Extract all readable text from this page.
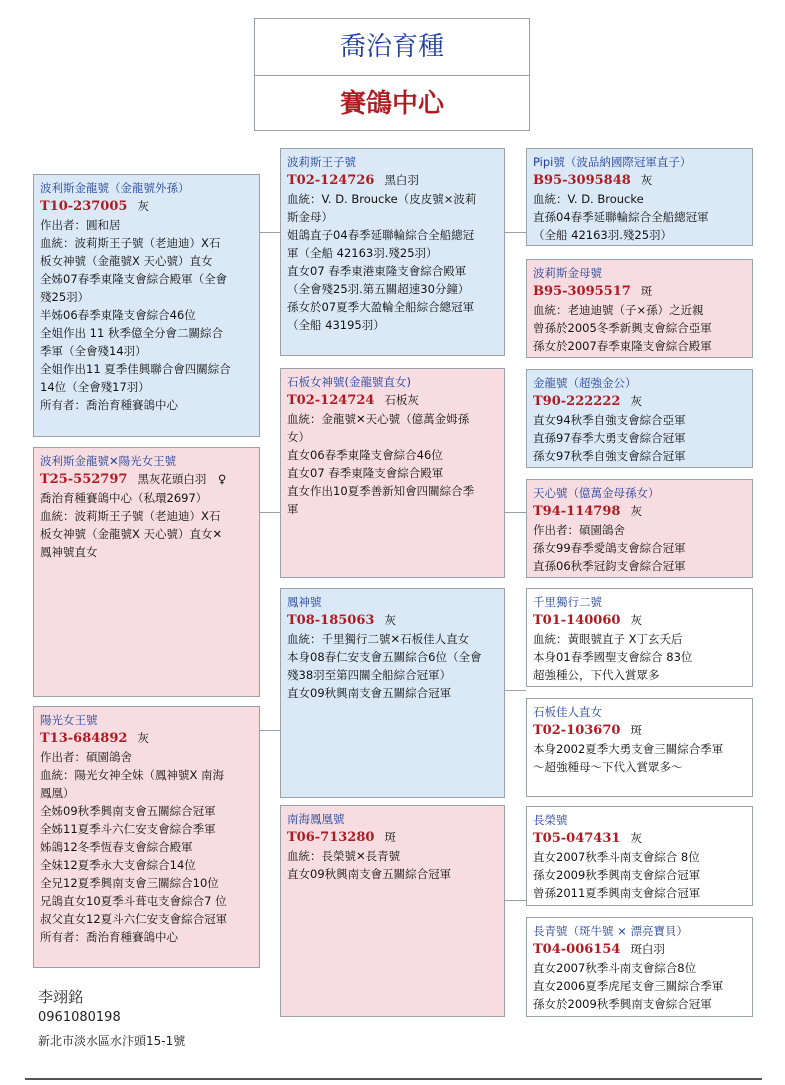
喬治育種
賽鴿中心
波利斯金龍號（金龍號外孫）
T10-237005 灰
作出者：圓和居
血統：波莉斯王子號（老迪迪）X石
板女神號（金龍號X 天心號）直女
全姊07春季東隆支會綜合殿軍（全會
殘25羽）
半姊06春季東隆支會綜合46位
全姐作出 11 秋季億全分會二關綜合
季軍（全會殘14羽）
全姐作出11 夏季佳興聯合會四關綜合
14位（全會殘17羽）
所有者：喬治育種賽鴿中心
波利斯金龍號✕陽光女王號
T25-552797 黑灰花頭白羽　♀
喬治育種賽鴿中心（私環2697）
血統：波莉斯王子號（老迪迪）X石
板女神號（金龍號X 天心號）直女✕
鳳神號直女
陽光女王號
T13-684892 灰
作出者：碩園鴿舍
血統：陽光女神全妹（鳳神號X 南海
鳳凰）
全姊09秋季興南支會五關綜合冠軍
全姊11夏季斗六仁安支會綜合季軍
姊鴿12冬季恆春支會綜合殿軍
全妹12夏季永大支會綜合14位
全兄12夏季興南支會三關綜合10位
兄鴿直女10夏季斗葺屯支會綜合7 位
叔父直女12夏斗六仁安支會綜合冠軍
所有者：喬治育種賽鴿中心
波莉斯王子號
T02-124726 黑白羽
血統：V. D. Broucke（皮皮號×波莉
斯金母）
姐鴿直子04春季延聯輪綜合全船總冠
軍（全船 42163羽.殘25羽）
直女07 春季東港東隆支會綜合殿軍
（全會殘25羽.第五關超速30分鐘）
孫女於07夏季大盈輪全船綜合總冠軍
（全船 43195羽）
石板女神號(金龍號直女)
T02-124724 石板灰
血統：金龍號✕天心號（億萬金姆孫
女）
直女06春季東隆支會綜合46位
直女07 春季東隆支會綜合殿軍
直女作出10夏季善新知會四關綜合季
軍
鳳神號
T08-185063 灰
血統：千里獨行二號✕石板佳人直女
本身08春仁安支會五關綜合6位（全會
殘38羽至第四關全船綜合冠軍）
直女09秋興南支會五關綜合冠軍
南海鳳凰號
T06-713280 斑
血統：長榮號✕長青號
直女09秋興南支會五關綜合冠軍
Pipi號（波品納國際冠軍直子）
B95-3095848 灰
血統：V. D. Broucke
直孫04春季延聯輪綜合全船總冠軍
（全船 42163羽.殘25羽）
波莉斯金母號
B95-3095517 斑
血統：老迪迪號（子×孫）之近親
曾孫於2005冬季新興支會綜合亞軍
孫女於2007春季東隆支會綜合殿軍
金龍號（超強金公）
T90-222222 灰
直女94秋季自強支會綜合亞軍
直孫97春季大勇支會綜合冠軍
孫女97秋季自強支會綜合冠軍
天心號（億萬金母孫女）
T94-114798 灰
作出者：碩園鴿舍
孫女99春季愛鴿支會綜合冠軍
直孫06秋季冠鈞支會綜合冠軍
千里獨行二號
T01-140060 灰
血統：黃眼號直子 X丁玄夭后
本身01春季國聖支會綜合 83位
超強種公，下代入賞眾多
石板佳人直女
T02-103670 斑
本身2002夏季大勇支會三關綜合季軍
～超強種母～下代入賞眾多～
長榮號
T05-047431 灰
直女2007秋季斗南支會綜合 8位
孫女2009秋季興南支會綜合冠軍
曾孫2011夏季興南支會綜合冠軍
長青號（斑牛號 × 漂亮寶貝）
T04-006154 斑白羽
直女2007秋季斗南支會綜合8位
直女2006夏季虎尾支會三關綜合季軍
孫女於2009秋季興南支會綜合冠軍
李翊銘
0961080198
新北市淡水區水汴頭15-1號
